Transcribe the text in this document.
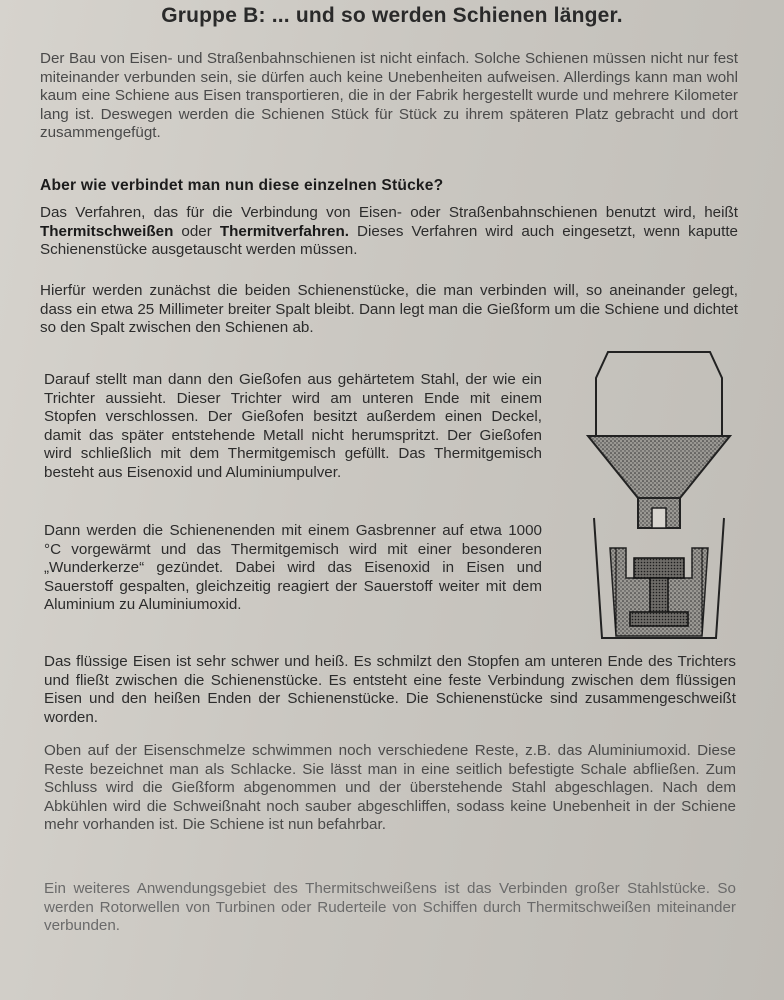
Gruppe B: ... und so werden Schienen länger.

Der Bau von Eisen- und Straßenbahnschienen ist nicht einfach. Solche Schienen müssen nicht nur fest miteinander verbunden sein, sie dürfen auch keine Unebenheiten aufweisen. Allerdings kann man wohl kaum eine Schiene aus Eisen transportieren, die in der Fabrik hergestellt wurde und mehrere Kilometer lang ist. Deswegen werden die Schienen Stück für Stück zu ihrem späteren Platz gebracht und dort zusammengefügt.

Aber wie verbindet man nun diese einzelnen Stücke?

Das Verfahren, das für die Verbindung von Eisen- oder Straßenbahnschienen benutzt wird, heißt Thermitschweißen oder Thermitverfahren. Dieses Verfahren wird auch eingesetzt, wenn kaputte Schienenstücke ausgetauscht werden müssen.

Hierfür werden zunächst die beiden Schienenstücke, die man verbinden will, so aneinander gelegt, dass ein etwa 25 Millimeter breiter Spalt bleibt. Dann legt man die Gießform um die Schiene und dichtet so den Spalt zwischen den Schienen ab.

Darauf stellt man dann den Gießofen aus gehärtetem Stahl, der wie ein Trichter aussieht. Dieser Trichter wird am unteren Ende mit einem Stopfen verschlossen. Der Gießofen besitzt außerdem einen Deckel, damit das später entstehende Metall nicht herumspritzt. Der Gießofen wird schließlich mit dem Thermitgemisch gefüllt. Das Thermitgemisch besteht aus Eisenoxid und Aluminiumpulver.

Dann werden die Schienenenden mit einem Gasbrenner auf etwa 1000 °C vorgewärmt und das Thermitgemisch wird mit einer besonderen „Wunderkerze“ gezündet. Dabei wird das Eisenoxid in Eisen und Sauerstoff gespalten, gleichzeitig reagiert der Sauerstoff weiter mit dem Aluminium zu Aluminiumoxid.

Das flüssige Eisen ist sehr schwer und heiß. Es schmilzt den Stopfen am unteren Ende des Trichters und fließt zwischen die Schienenstücke. Es entsteht eine feste Verbindung zwischen dem flüssigen Eisen und den heißen Enden der Schienenstücke. Die Schienenstücke sind zusammengeschweißt worden.

Oben auf der Eisenschmelze schwimmen noch verschiedene Reste, z.B. das Aluminiumoxid. Diese Reste bezeichnet man als Schlacke. Sie lässt man in eine seitlich befestigte Schale abfließen. Zum Schluss wird die Gießform abgenommen und der überstehende Stahl abgeschlagen. Nach dem Abkühlen wird die Schweißnaht noch sauber abgeschliffen, sodass keine Unebenheit in der Schiene mehr vorhanden ist. Die Schiene ist nun befahrbar.

Ein weiteres Anwendungsgebiet des Thermitschweißens ist das Verbinden großer Stahlstücke. So werden Rotorwellen von Turbinen oder Ruderteile von Schiffen durch Thermitschweißen miteinander verbunden.
